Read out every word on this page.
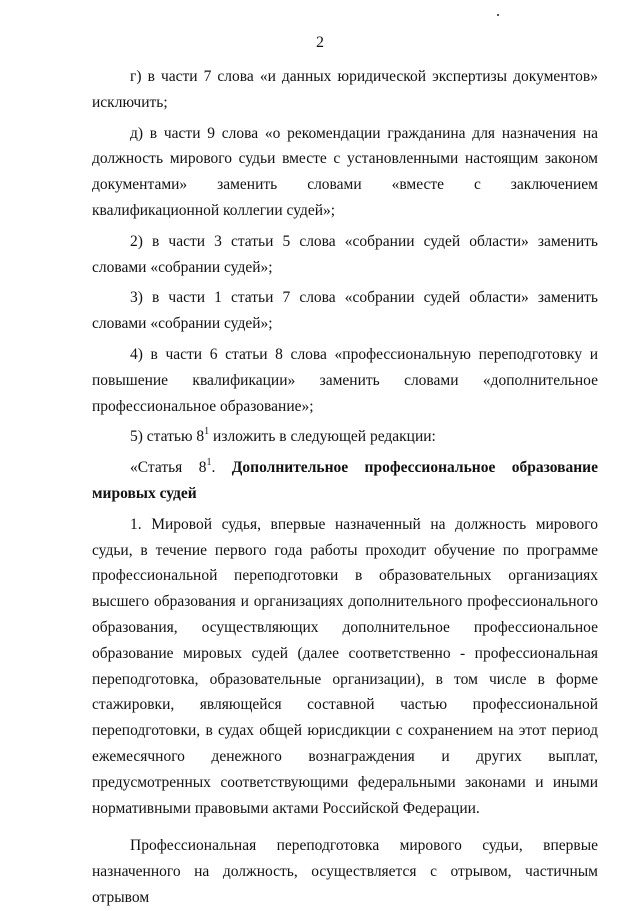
2

г) в части 7 слова «и данных юридической экспертизы документов» исключить;

д) в части 9 слова «о рекомендации гражданина для назначения на должность мирового судьи вместе с установленными настоящим законом документами» заменить словами «вместе с заключением квалификационной коллегии судей»;

2) в части 3 статьи 5 слова «собрании судей области» заменить словами «собрании судей»;

3) в части 1 статьи 7 слова «собрании судей области» заменить словами «собрании судей»;

4) в части 6 статьи 8 слова «профессиональную переподготовку и повышение квалификации» заменить словами «дополнительное профессиональное образование»;

5) статью $8^1$ изложить в следующей редакции:

«Статья $8^1$. Дополнительное профессиональное образование мировых судей

1. Мировой судья, впервые назначенный на должность мирового судьи, в течение первого года работы проходит обучение по программе профессиональной переподготовки в образовательных организациях высшего образования и организациях дополнительного профессионального образования, осуществляющих дополнительное профессиональное образование мировых судей (далее соответственно - профессиональная переподготовка, образовательные организации), в том числе в форме стажировки, являющейся составной частью профессиональной переподготовки, в судах общей юрисдикции с сохранением на этот период ежемесячного денежного вознаграждения и других выплат, предусмотренных соответствующими федеральными законами и иными нормативными правовыми актами Российской Федерации.

Профессиональная переподготовка мирового судьи, впервые назначенного на должность, осуществляется с отрывом, частичным отрывом
